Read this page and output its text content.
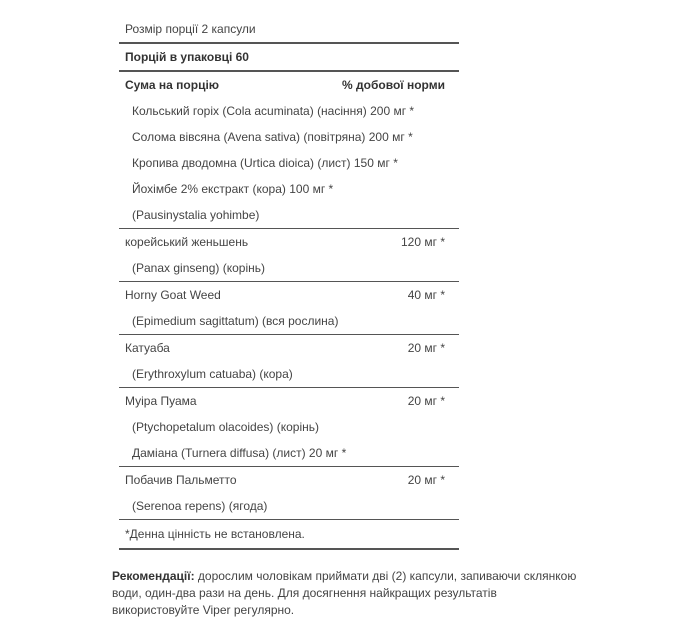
Розмір порції 2 капсули
Порцій в упаковці 60
Сума на порцію	% добової норми
Кольський горіх (Cola acuminata) (насіння) 200 мг *
Солома вівсяна (Avena sativa) (повітряна) 200 мг *
Кропива дводомна (Urtica dioica) (лист) 150 мг *
Йохімбе 2% екстракт (кора) 100 мг *
(Pausinystalia yohimbe)
корейський женьшень	120 мг *
(Panax ginseng) (корінь)
Horny Goat Weed	40 мг *
(Epimedium sagittatum) (вся рослина)
Катуаба	20 мг *
(Erythroxylum catuaba) (кора)
Муіра Пуама	20 мг *
(Ptychopetalum olacoides) (корінь)
Даміана (Turnera diffusa) (лист) 20 мг *
Побачив Пальметто	20 мг *
(Serenoa repens) (ягода)
*Денна цінність не встановлена.
Рекомендації: дорослим чоловікам приймати дві (2) капсули, запиваючи склянкою води, один-два рази на день. Для досягнення найкращих результатів використовуйте Viper регулярно.
